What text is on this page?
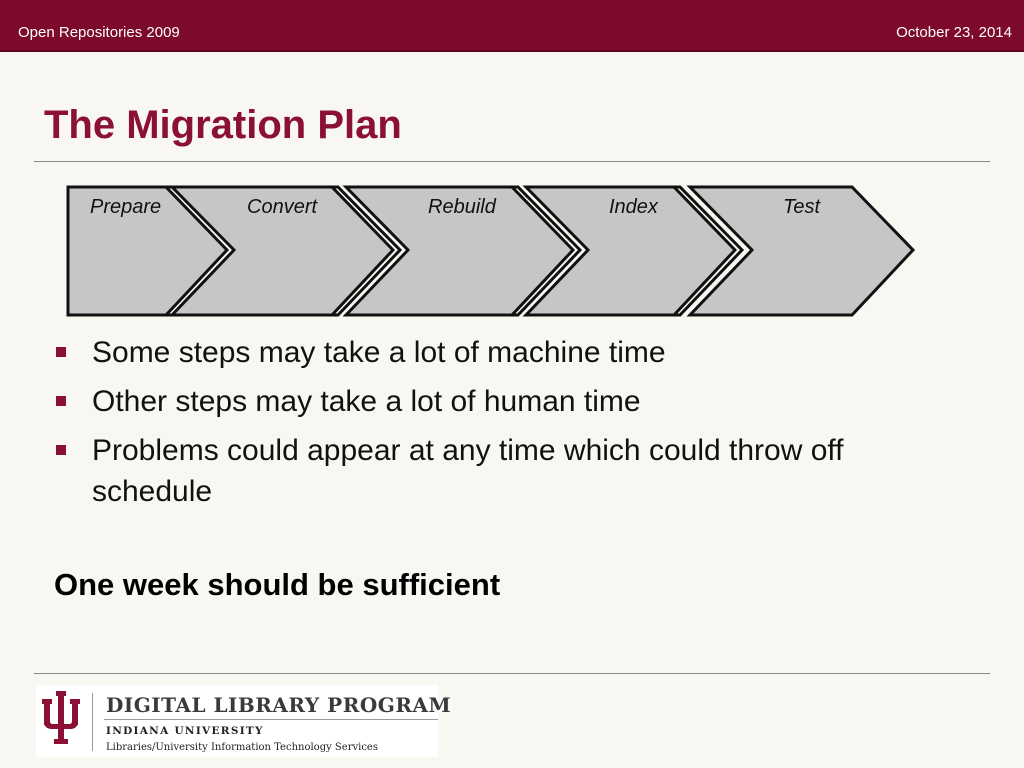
Open Repositories 2009	October 23, 2014
The Migration Plan
Prepare	Convert	Rebuild	Index	Test
Some steps may take a lot of machine time
Other steps may take a lot of human time
Problems could appear at any time which could throw off schedule
One week should be sufficient
DIGITAL LIBRARY PROGRAM
INDIANA UNIVERSITY
Libraries/University Information Technology Services
